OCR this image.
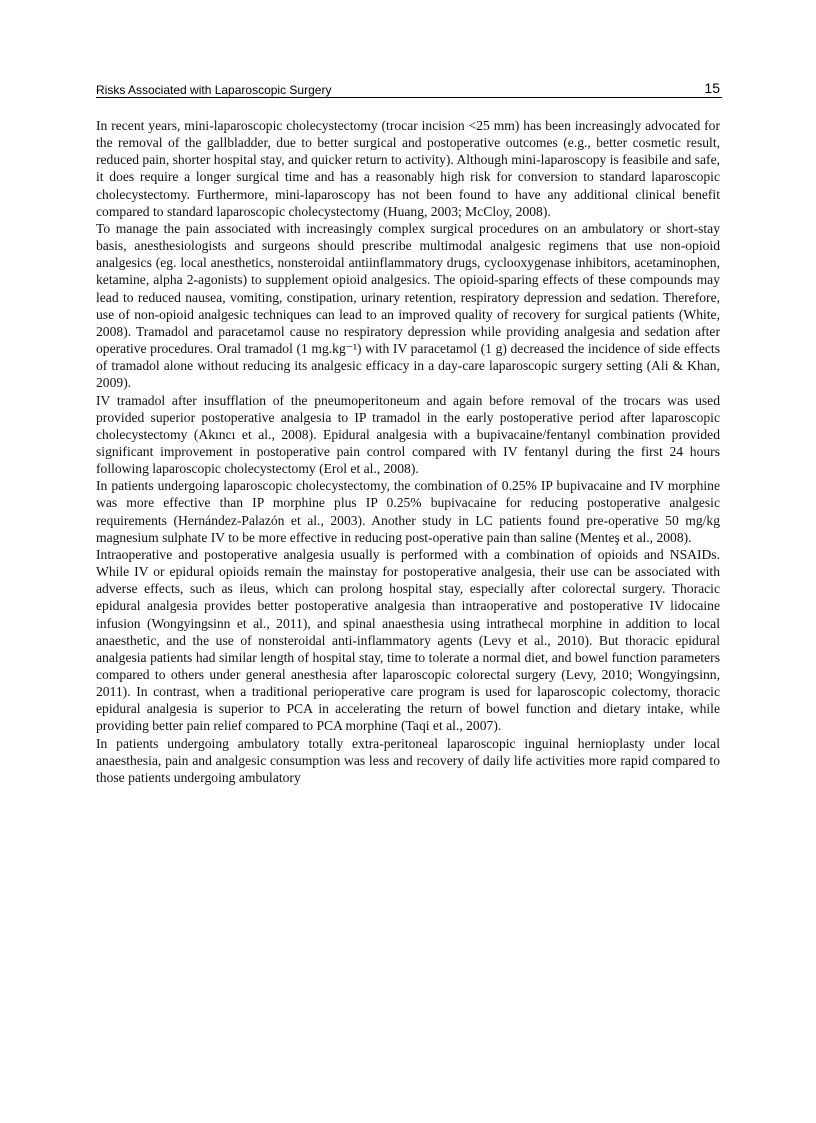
Risks Associated with Laparoscopic Surgery	15

In recent years, mini-laparoscopic cholecystectomy (trocar incision <25 mm) has been increasingly advocated for the removal of the gallbladder, due to better surgical and postoperative outcomes (e.g., better cosmetic result, reduced pain, shorter hospital stay, and quicker return to activity). Although mini-laparoscopy is feasibile and safe, it does require a longer surgical time and has a reasonably high risk for conversion to standard laparoscopic cholecystectomy. Furthermore, mini-laparoscopy has not been found to have any additional clinical benefit compared to standard laparoscopic cholecystectomy (Huang, 2003; McCloy, 2008).

To manage the pain associated with increasingly complex surgical procedures on an ambulatory or short-stay basis, anesthesiologists and surgeons should prescribe multimodal analgesic regimens that use non-opioid analgesics (eg. local anesthetics, nonsteroidal antiinflammatory drugs, cyclooxygenase inhibitors, acetaminophen, ketamine, alpha 2-agonists) to supplement opioid analgesics. The opioid-sparing effects of these compounds may lead to reduced nausea, vomiting, constipation, urinary retention, respiratory depression and sedation. Therefore, use of non-opioid analgesic techniques can lead to an improved quality of recovery for surgical patients (White, 2008). Tramadol and paracetamol cause no respiratory depression while providing analgesia and sedation after operative procedures. Oral tramadol (1 mg.kg⁻¹) with IV paracetamol (1 g) decreased the incidence of side effects of tramadol alone without reducing its analgesic efficacy in a day-care laparoscopic surgery setting (Ali & Khan, 2009).

IV tramadol after insufflation of the pneumoperitoneum and again before removal of the trocars was used provided superior postoperative analgesia to IP tramadol in the early postoperative period after laparoscopic cholecystectomy (Akıncı et al., 2008). Epidural analgesia with a bupivacaine/fentanyl combination provided significant improvement in postoperative pain control compared with IV fentanyl during the first 24 hours following laparoscopic cholecystectomy (Erol et al., 2008).

In patients undergoing laparoscopic cholecystectomy, the combination of 0.25% IP bupivacaine and IV morphine was more effective than IP morphine plus IP 0.25% bupivacaine for reducing postoperative analgesic requirements (Hernández-Palazón et al., 2003). Another study in LC patients found pre-operative 50 mg/kg magnesium sulphate IV to be more effective in reducing post-operative pain than saline (Menteş et al., 2008).

Intraoperative and postoperative analgesia usually is performed with a combination of opioids and NSAIDs. While IV or epidural opioids remain the mainstay for postoperative analgesia, their use can be associated with adverse effects, such as ileus, which can prolong hospital stay, especially after colorectal surgery. Thoracic epidural analgesia provides better postoperative analgesia than intraoperative and postoperative IV lidocaine infusion (Wongyingsinn et al., 2011), and spinal anaesthesia using intrathecal morphine in addition to local anaesthetic, and the use of nonsteroidal anti-inflammatory agents (Levy et al., 2010). But thoracic epidural analgesia patients had similar length of hospital stay, time to tolerate a normal diet, and bowel function parameters compared to others under general anesthesia after laparoscopic colorectal surgery (Levy, 2010; Wongyingsinn, 2011). In contrast, when a traditional perioperative care program is used for laparoscopic colectomy, thoracic epidural analgesia is superior to PCA in accelerating the return of bowel function and dietary intake, while providing better pain relief compared to PCA morphine (Taqi et al., 2007).

In patients undergoing ambulatory totally extra-peritoneal laparoscopic inguinal hernioplasty under local anaesthesia, pain and analgesic consumption was less and recovery of daily life activities more rapid compared to those patients undergoing ambulatory
